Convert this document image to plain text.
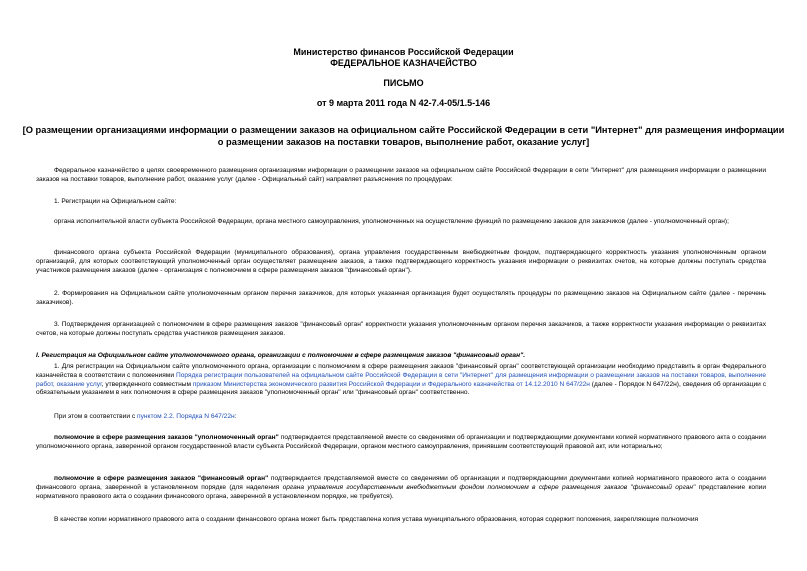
Министерство финансов Российской Федерации
ФЕДЕРАЛЬНОЕ КАЗНАЧЕЙСТВО
ПИСЬМО
от 9 марта 2011 года N 42-7.4-05/1.5-146
[О размещении организациями информации о размещении заказов на официальном сайте Российской Федерации в сети "Интернет" для размещения информации о размещении заказов на поставки товаров, выполнение работ, оказание услуг]
Федеральное казначейство в целях своевременного размещения организациями информации о размещении заказов на официальном сайте Российской Федерации в сети "Интернет" для размещения информации о размещении заказов на поставки товаров, выполнение работ, оказание услуг (далее - Официальный сайт) направляет разъяснения по процедурам:
1. Регистрации на Официальном сайте:
органа исполнительной власти субъекта Российской Федерации, органа местного самоуправления, уполномоченных на осуществление функций по размещению заказов для заказчиков (далее - уполномоченный орган);
финансового органа субъекта Российской Федерации (муниципального образования), органа управления государственным внебюджетным фондом, подтверждающего корректность указания уполномоченным органом организаций, для которых соответствующий уполномоченный орган осуществляет размещение заказов, а также подтверждающего корректность указания информации о реквизитах счетов, на которые должны поступать средства участников размещения заказов (далее - организация с полномочием в сфере размещения заказов "финансовый орган").
2. Формирования на Официальном сайте уполномоченным органом перечня заказчиков, для которых указанная организация будет осуществлять процедуры по размещению заказов на Официальном сайте (далее - перечень заказчиков).
3. Подтверждения организацией с полномочием в сфере размещения заказов "финансовый орган" корректности указания уполномоченным органом перечня заказчиков, а также корректности указания информации о реквизитах счетов, на которые должны поступать средства участников размещения заказов.
I. Регистрация на Официальном сайте уполномоченного органа, организации с полномочием в сфере размещения заказов "финансовый орган".
1. Для регистрации на Официальном сайте уполномоченного органа, организации с полномочием в сфере размещения заказов "финансовый орган" соответствующей организации необходимо представить в орган Федерального казначейства в соответствии с положениями Порядка регистрации пользователей на официальном сайте Российской Федерации в сети "Интернет" для размещения информации о размещении заказов на поставки товаров, выполнение работ, оказание услуг, утвержденного совместным приказом Министерства экономического развития Российской Федерации и Федерального казначейства от 14.12.2010 N 647/22н (далее - Порядок N 647/22н), сведения об организации с обязательным указанием в них полномочия в сфере размещения заказов "уполномоченный орган" или "финансовый орган" соответственно.
При этом в соответствии с пунктом 2.2. Порядка N 647/22н:
полномочие в сфере размещения заказов "уполномоченный орган" подтверждается представляемой вместе со сведениями об организации и подтверждающими документами копией нормативного правового акта о создании уполномоченного органа, заверенной органом государственной власти субъекта Российской Федерации, органом местного самоуправления, принявшим соответствующий правовой акт, или нотариально;
полномочие в сфере размещения заказов "финансовый орган" подтверждается представляемой вместе со сведениями об организации и подтверждающими документами копией нормативного правового акта о создании финансового органа, заверенной в установленном порядке (для наделения органа управления государственным внебюджетным фондом полномочием в сфере размещения заказов "финансовый орган" представление копии нормативного правового акта о создании финансового органа, заверенной в установленном порядке, не требуется).
В качестве копии нормативного правового акта о создании финансового органа может быть представлена копия устава муниципального образования, которая содержит положения, закрепляющие полномочия
